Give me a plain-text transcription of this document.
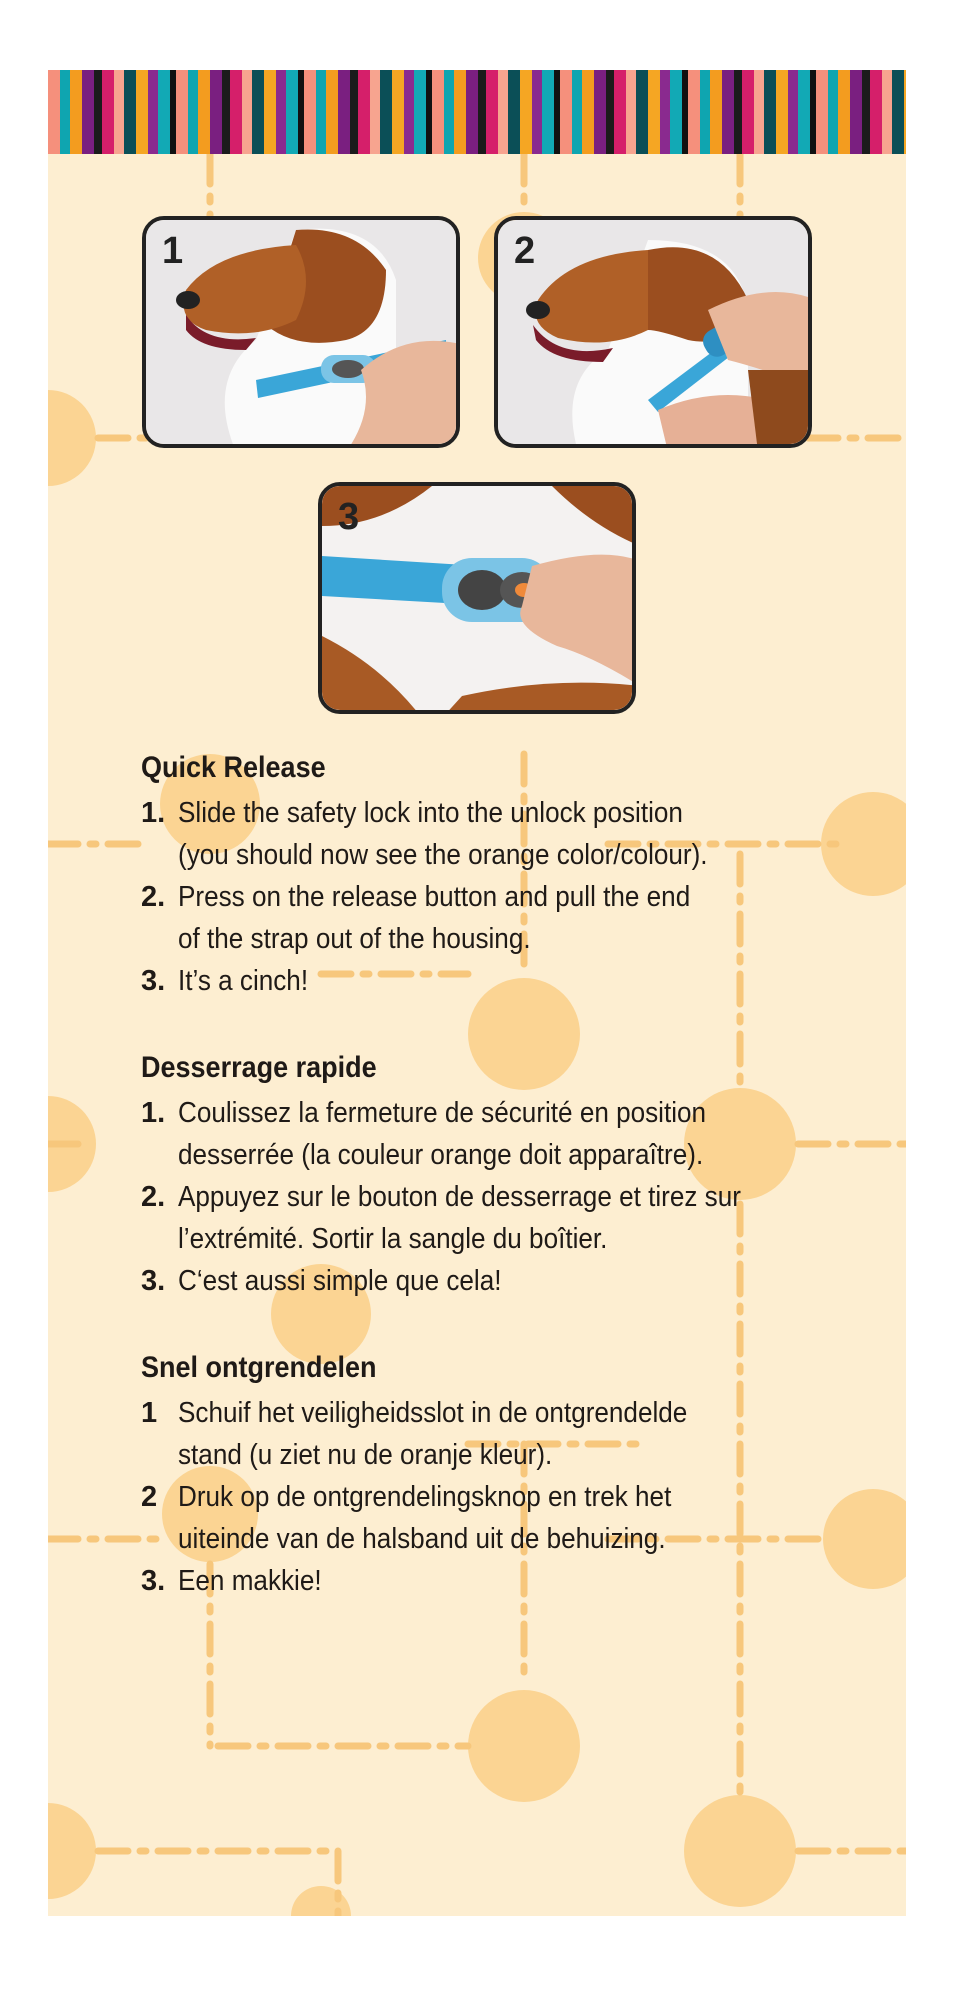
1	2
3
Quick Release
1. Slide the safety lock into the unlock position
(you should now see the orange color/colour).
2. Press on the release button and pull the end
of the strap out of the housing.
3. It’s a cinch!
Desserrage rapide
1. Coulissez la fermeture de sécurité en position
desserrée (la couleur orange doit apparaître).
2. Appuyez sur le bouton de desserrage et tirez sur
l’extrémité. Sortir la sangle du boîtier.
3. C‘est aussi simple que cela!
Snel ontgrendelen
1 Schuif het veiligheidsslot in de ontgrendelde
stand (u ziet nu de oranje kleur).
2 Druk op de ontgrendelingsknop en trek het
uiteinde van de halsband uit de behuizing.
3. Een makkie!
